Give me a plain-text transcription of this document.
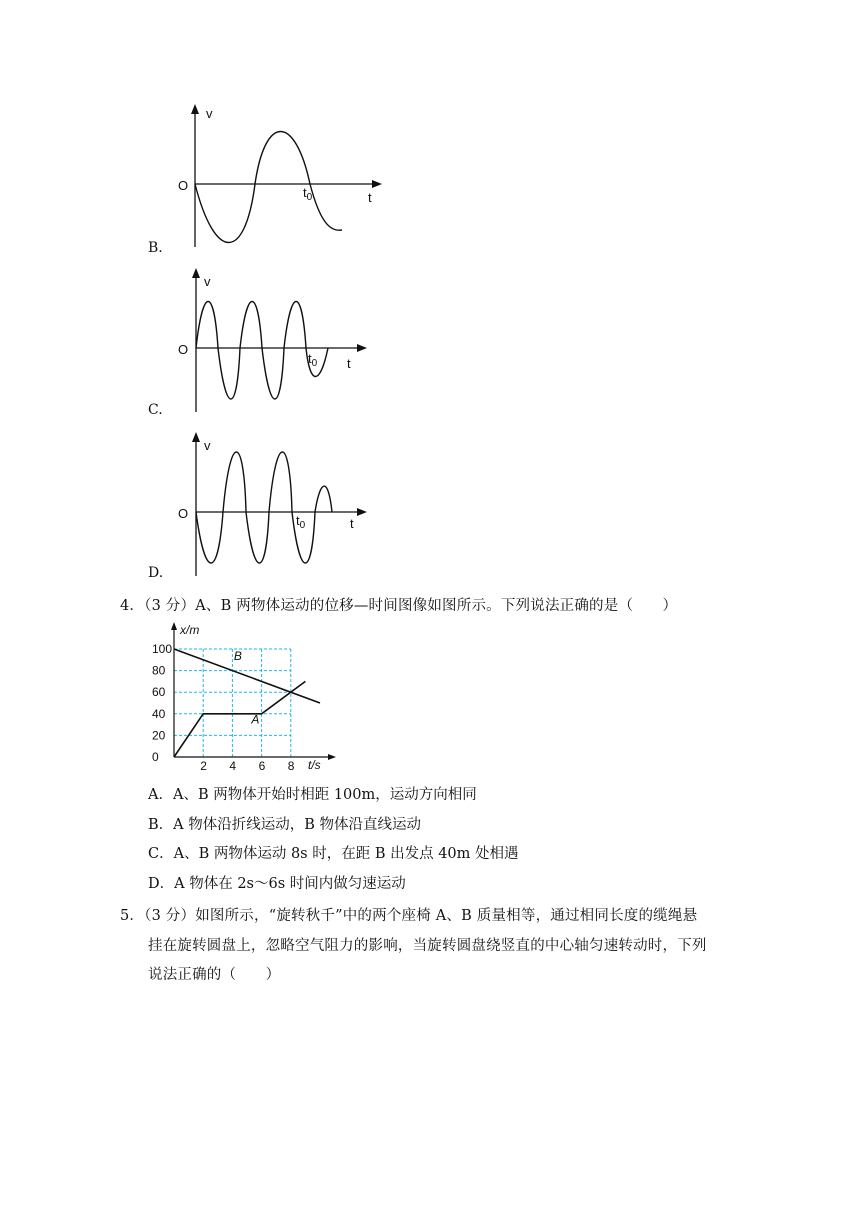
B.
v
O	$t_0$	t
C.
v
O
$t_0$ t
D.
v
O	$t_0$	t
4．（3 分）A、B 两物体运动的位移—时间图像如图所示。下列说法正确的是（　　）
2 4 6 8
0
20
40
60
80
100
A
B
x/m
t/s
A．A、B 两物体开始时相距 100m，运动方向相同
B．A 物体沿折线运动，B 物体沿直线运动
C．A、B 两物体运动 8s 时，在距 B 出发点 40m 处相遇
D．A 物体在 2s～6s 时间内做匀速运动
5．（3 分）如图所示，“旋转秋千”中的两个座椅 A、B 质量相等，通过相同长度的缆绳悬
挂在旋转圆盘上，忽略空气阻力的影响，当旋转圆盘绕竖直的中心轴匀速转动时，下列
说法正确的（　　）
